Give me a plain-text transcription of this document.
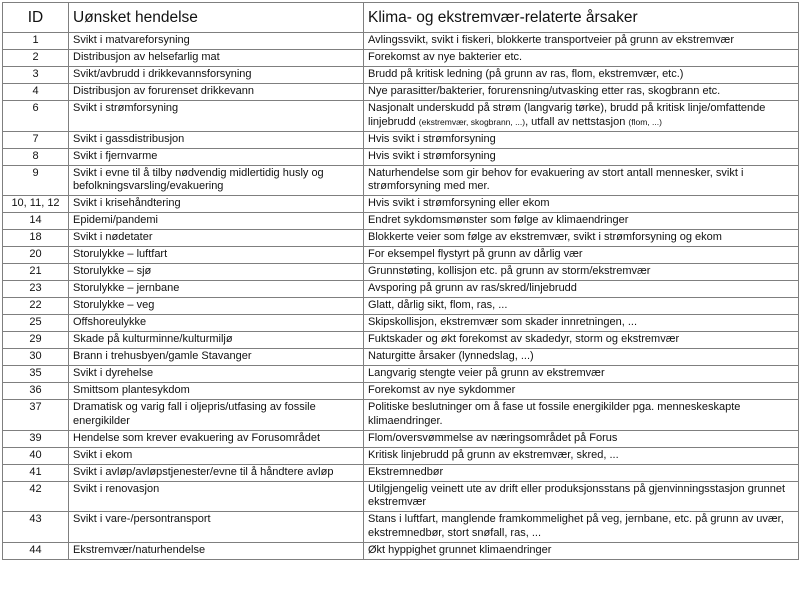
ID	Uønsket hendelse	Klima- og ekstremvær-relaterte årsaker
1	Svikt i matvareforsyning	Avlingssvikt, svikt i fiskeri, blokkerte transportveier på grunn av ekstremvær
2	Distribusjon av helsefarlig mat	Forekomst av nye bakterier etc.
3	Svikt/avbrudd i drikkevannsforsyning	Brudd på kritisk ledning (på grunn av ras, flom, ekstremvær, etc.)
4	Distribusjon av forurenset drikkevann	Nye parasitter/bakterier, forurensning/utvasking etter ras, skogbrann etc.
6	Svikt i strømforsyning	Nasjonalt underskudd på strøm (langvarig tørke), brudd på kritisk linje/omfattende linjebrudd (ekstremvær, skogbrann, ...), utfall av nettstasjon (flom, ...)
7	Svikt i gassdistribusjon	Hvis svikt i strømforsyning
8	Svikt i fjernvarme	Hvis svikt i strømforsyning
9	Svikt i evne til å tilby nødvendig midlertidig husly og befolkningsvarsling/evakuering	Naturhendelse som gir behov for evakuering av stort antall mennesker, svikt i strømforsyning med mer.
10, 11, 12	Svikt i krisehåndtering	Hvis svikt i strømforsyning eller ekom
14	Epidemi/pandemi	Endret sykdomsmønster som følge av klimaendringer
18	Svikt i nødetater	Blokkerte veier som følge av ekstremvær, svikt i strømforsyning og ekom
20	Storulykke – luftfart	For eksempel flystyrt på grunn av dårlig vær
21	Storulykke – sjø	Grunnstøting, kollisjon etc. på grunn av storm/ekstremvær
23	Storulykke – jernbane	Avsporing på grunn av ras/skred/linjebrudd
22	Storulykke – veg	Glatt, dårlig sikt, flom, ras, ...
25	Offshoreulykke	Skipskollisjon, ekstremvær som skader innretningen, ...
29	Skade på kulturminne/kulturmiljø	Fuktskader og økt forekomst av skadedyr, storm og ekstremvær
30	Brann i trehusbyen/gamle Stavanger	Naturgitte årsaker (lynnedslag, ...)
35	Svikt i dyrehelse	Langvarig stengte veier på grunn av ekstremvær
36	Smittsom plantesykdom	Forekomst av nye sykdommer
37	Dramatisk og varig fall i oljepris/utfasing av fossile energikilder	Politiske beslutninger om å fase ut fossile energikilder pga. menneskeskapte klimaendringer.
39	Hendelse som krever evakuering av Forusområdet	Flom/oversvømmelse av næringsområdet på Forus
40	Svikt i ekom	Kritisk linjebrudd på grunn av ekstremvær, skred, ...
41	Svikt i avløp/avløpstjenester/evne til å håndtere avløp	Ekstremnedbør
42	Svikt i renovasjon	Utilgjengelig veinett ute av drift eller produksjonsstans på gjenvinningsstasjon grunnet ekstremvær
43	Svikt i vare-/persontransport	Stans i luftfart, manglende framkommelighet på veg, jernbane, etc. på grunn av uvær, ekstremnedbør, stort snøfall, ras, ...
44	Ekstremvær/naturhendelse	Økt hyppighet grunnet klimaendringer
